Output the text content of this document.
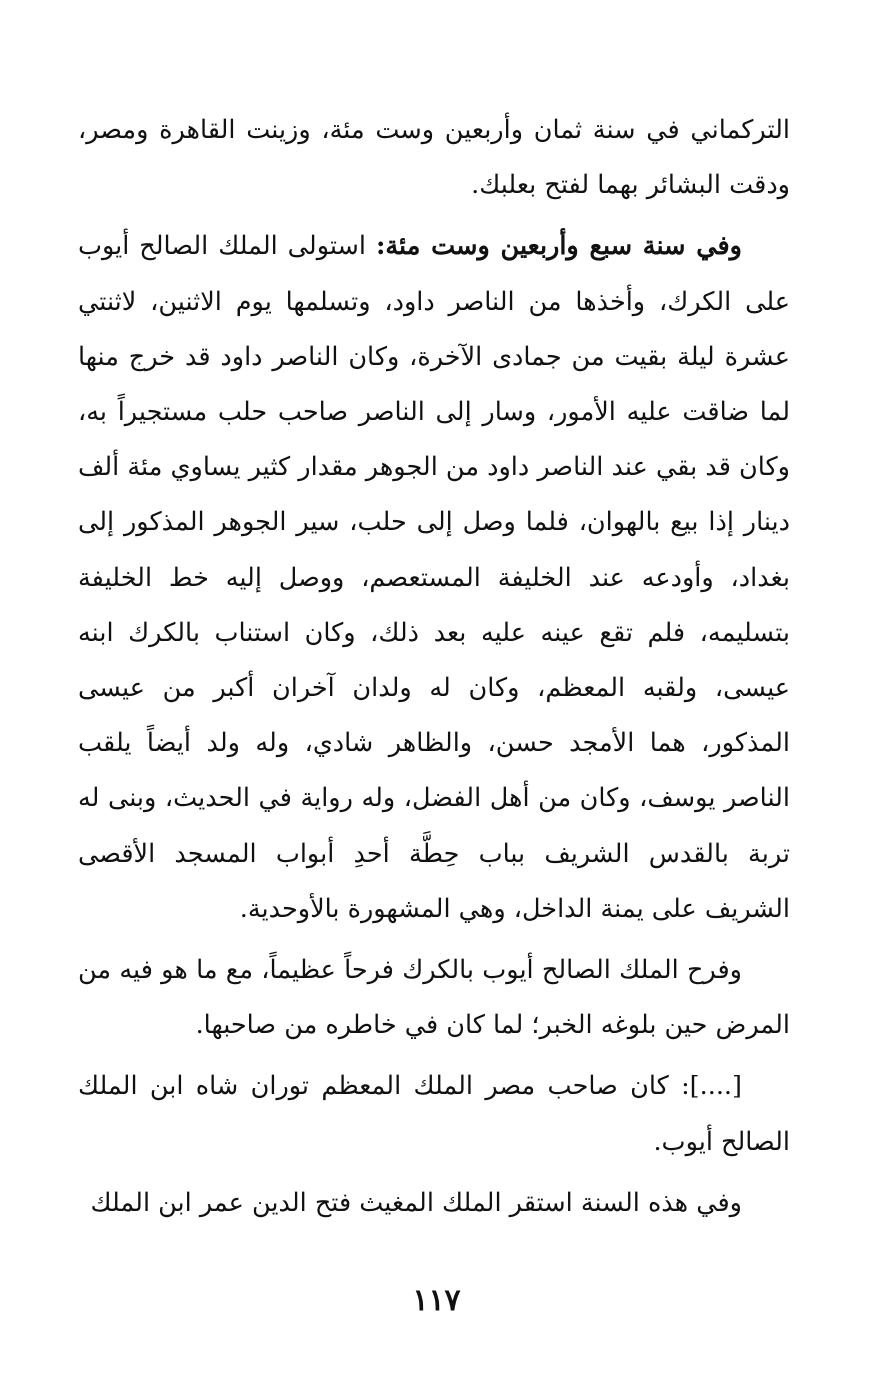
التركماني في سنة ثمان وأربعين وست مئة، وزينت القاهرة ومصر، ودقت البشائر بهما لفتح بعلبك.

وفي سنة سبع وأربعين وست مئة: استولى الملك الصالح أيوب على الكرك، وأخذها من الناصر داود، وتسلمها يوم الاثنين، لاثنتي عشرة ليلة بقيت من جمادى الآخرة، وكان الناصر داود قد خرج منها لما ضاقت عليه الأمور، وسار إلى الناصر صاحب حلب مستجيراً به، وكان قد بقي عند الناصر داود من الجوهر مقدار كثير يساوي مئة ألف دينار إذا بيع بالهوان، فلما وصل إلى حلب، سير الجوهر المذكور إلى بغداد، وأودعه عند الخليفة المستعصم، ووصل إليه خط الخليفة بتسليمه، فلم تقع عينه عليه بعد ذلك، وكان استناب بالكرك ابنه عيسى، ولقبه المعظم، وكان له ولدان آخران أكبر من عيسى المذكور، هما الأمجد حسن، والظاهر شادي، وله ولد أيضاً يلقب الناصر يوسف، وكان من أهل الفضل، وله رواية في الحديث، وبنى له تربة بالقدس الشريف بباب حِطَّة أحدِ أبواب المسجد الأقصى الشريف على يمنة الداخل، وهي المشهورة بالأوحدية.

وفرح الملك الصالح أيوب بالكرك فرحاً عظيماً، مع ما هو فيه من المرض حين بلوغه الخبر؛ لما كان في خاطره من صاحبها.

[....]: كان صاحب مصر الملك المعظم توران شاه ابن الملك الصالح أيوب.

وفي هذه السنة استقر الملك المغيث فتح الدين عمر ابن الملك

١١٧
